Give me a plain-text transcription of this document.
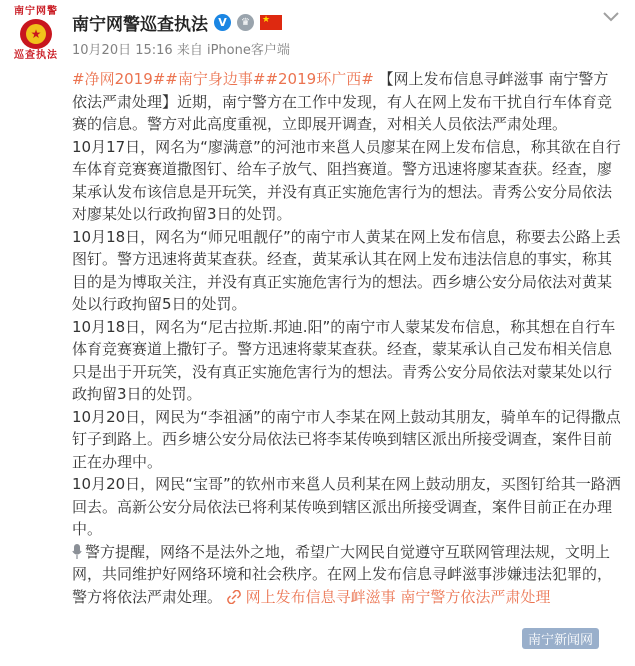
南宁网警
★
巡查执法
南宁网警巡查执法 V	♛	★
10月20日 15:16 来自 iPhone客户端

#净网2019##南宁身边事##2019环广西# 【网上发布信息寻衅滋事 南宁警方依法严肃处理】近期，南宁警方在工作中发现，有人在网上发布干扰自行车体育竞赛的信息。警方对此高度重视，立即展开调查，对相关人员依法严肃处理。

10月17日，网名为“廖满意”的河池市来邕人员廖某在网上发布信息，称其欲在自行车体育竞赛赛道撒图钉、给车子放气、阻挡赛道。警方迅速将廖某查获。经查，廖某承认发布该信息是开玩笑，并没有真正实施危害行为的想法。青秀公安分局依法对廖某处以行政拘留3日的处罚。

10月18日，网名为“师兄咀靓仔”的南宁市人黄某在网上发布信息，称要去公路上丢图钉。警方迅速将黄某查获。经查，黄某承认其在网上发布违法信息的事实，称其目的是为博取关注，并没有真正实施危害行为的想法。西乡塘公安分局依法对黄某处以行政拘留5日的处罚。

10月18日，网名为“尼古拉斯.邦迪.阳”的南宁市人蒙某发布信息，称其想在自行车体育竞赛赛道上撒钉子。警方迅速将蒙某查获。经查，蒙某承认自己发布相关信息只是出于开玩笑，没有真正实施危害行为的想法。青秀公安分局依法对蒙某处以行政拘留3日的处罚。

10月20日，网民为“李祖涵”的南宁市人李某在网上鼓动其朋友，骑单车的记得撒点钉子到路上。西乡塘公安分局依法已将李某传唤到辖区派出所接受调查，案件目前正在办理中。

10月20日，网民“宝哥”的钦州市来邕人员利某在网上鼓动朋友，买图钉给其一路洒回去。高新公安分局依法已将利某传唤到辖区派出所接受调查，案件目前正在办理中。

警方提醒，网络不是法外之地，希望广大网民自觉遵守互联网管理法规，文明上网，共同维护好网络环境和社会秩序。在网上发布信息寻衅滋事涉嫌违法犯罪的，警方将依法严肃处理。 网上发布信息寻衅滋事 南宁警方依法严肃处理

南宁新闻网
